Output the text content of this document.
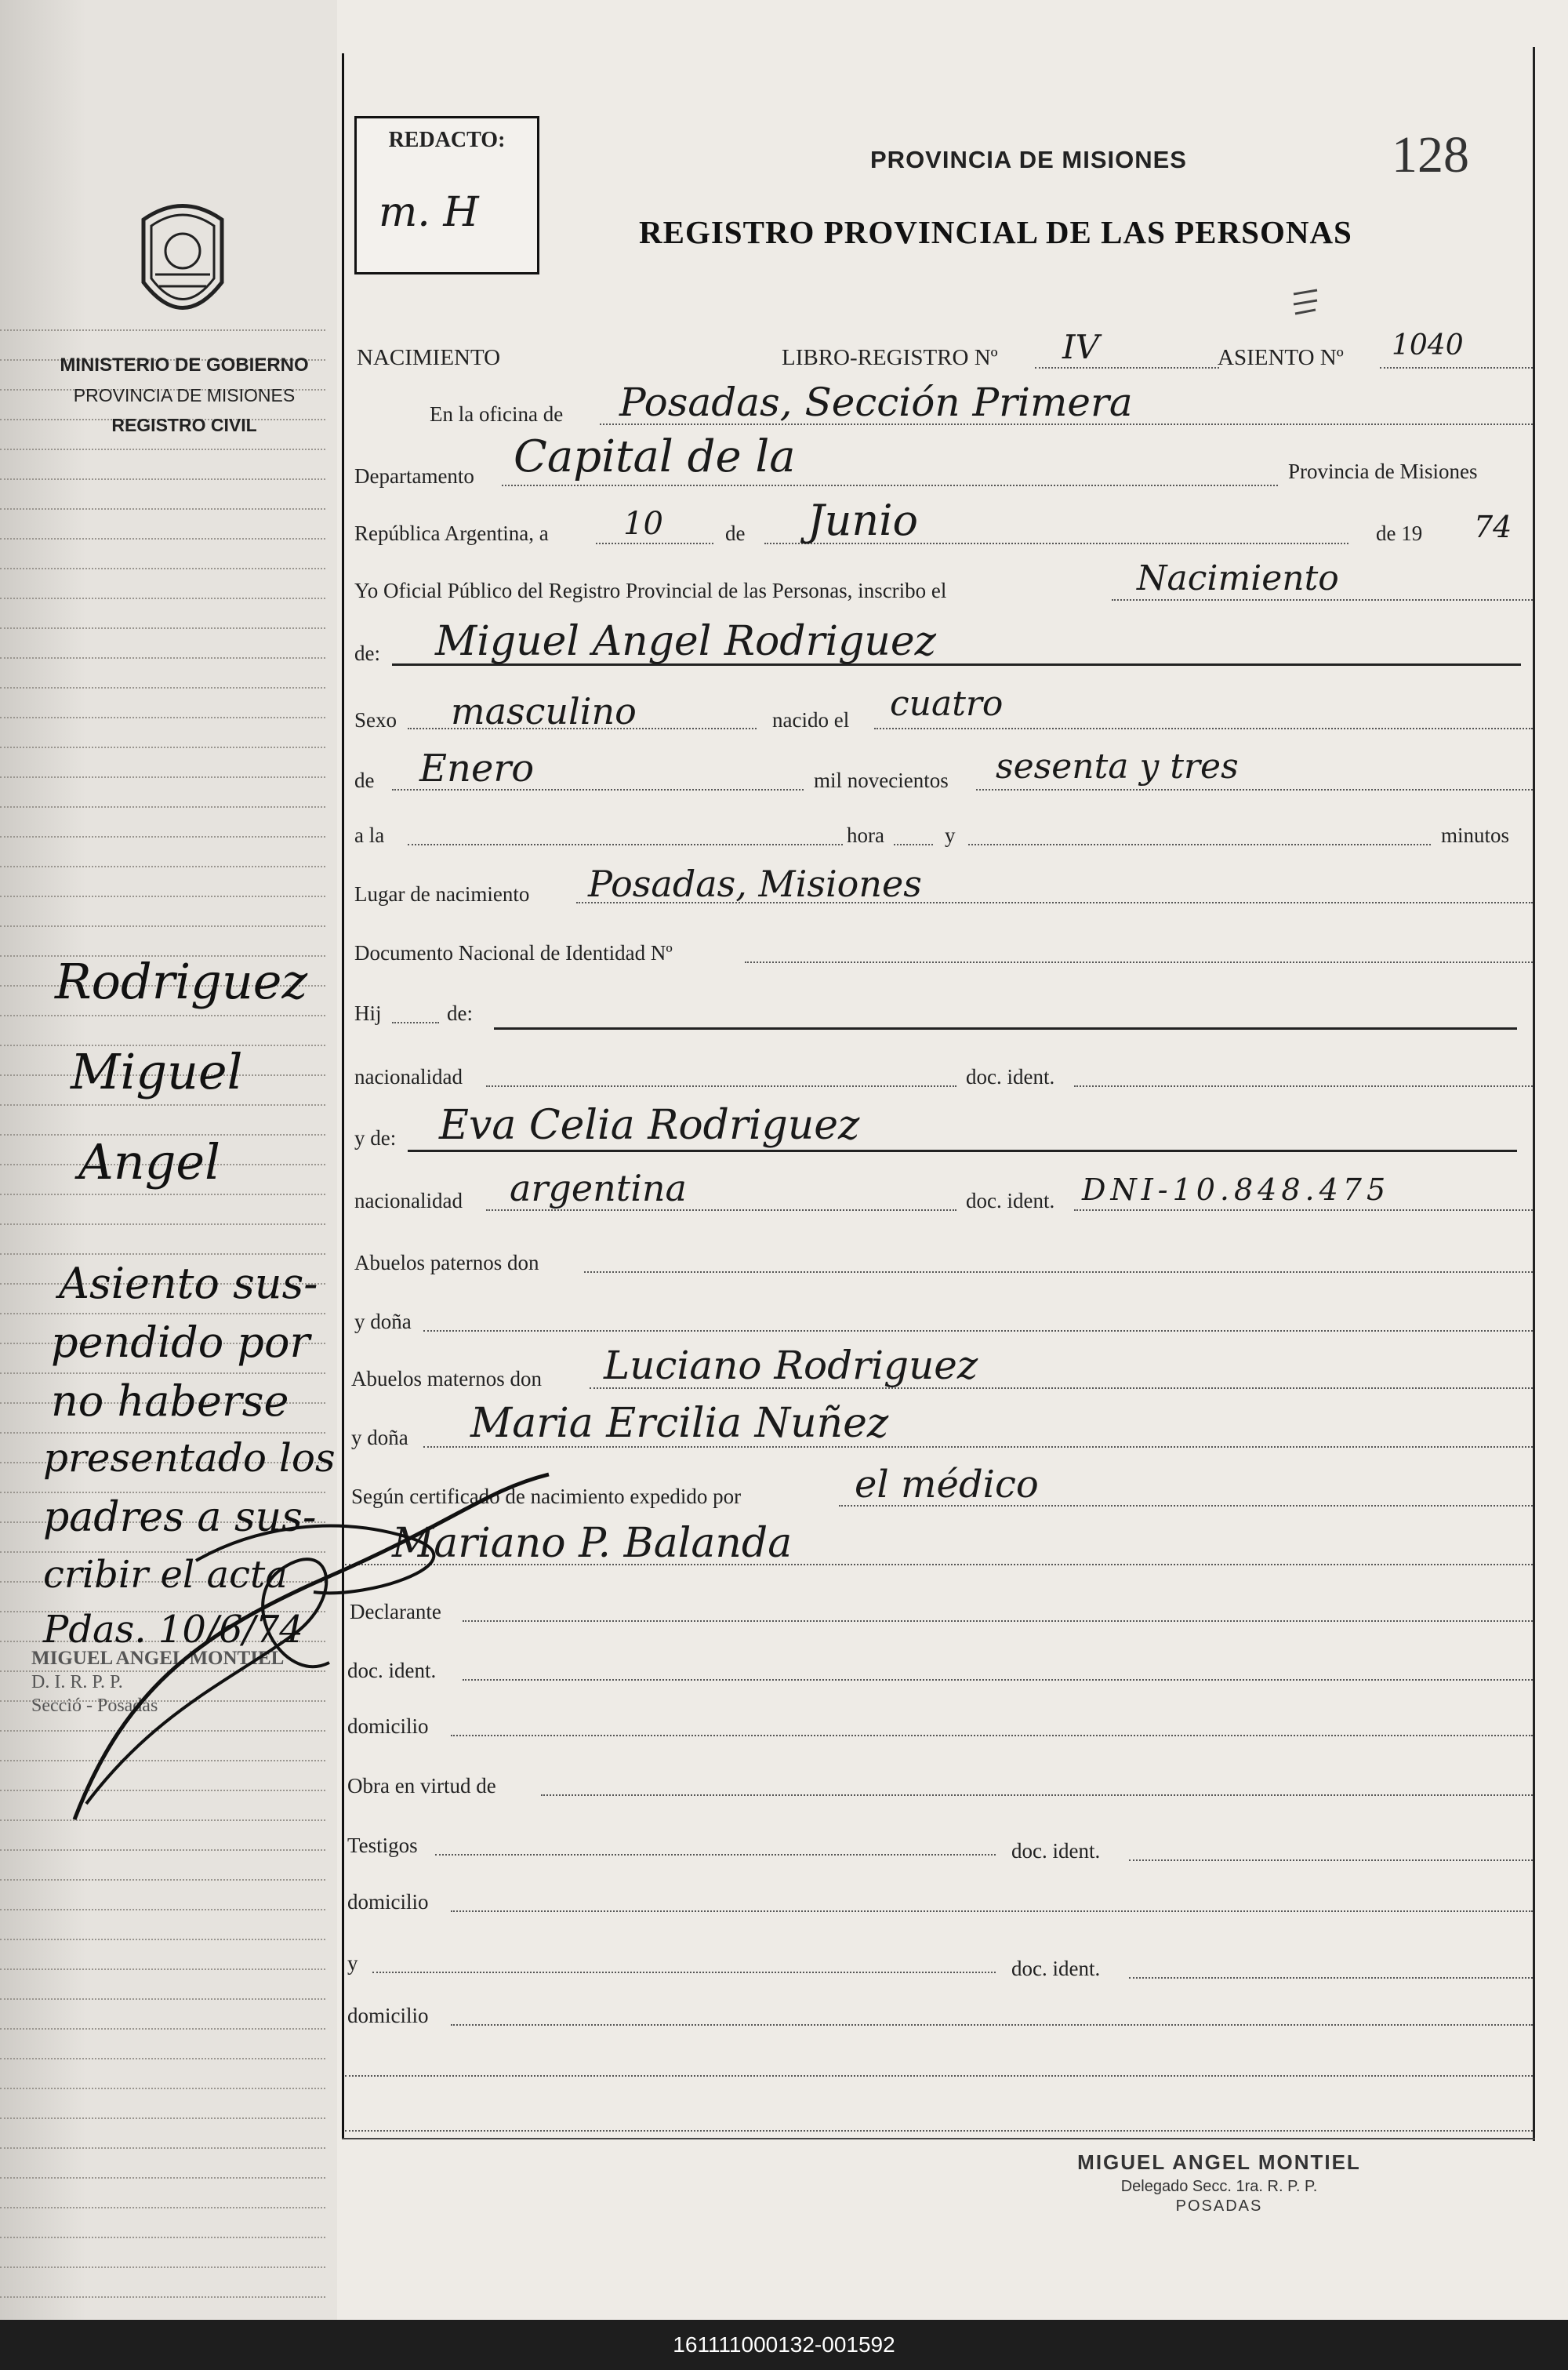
MINISTERIO DE GOBIERNO
PROVINCIA DE MISIONES
REGISTRO CIVIL
REDACTO:
m. H
PROVINCIA DE MISIONES
REGISTRO PROVINCIAL DE LAS PERSONAS
128
NACIMIENTO	LIBRO-REGISTRO Nº IV	ASIENTO Nº 1040
En la oficina de Posadas, Sección Primera
Departamento Capital de la	Provincia de Misiones
República Argentina, a 10	de Junio	de 19 74
Yo Oficial Público del Registro Provincial de las Personas, inscribo el	Nacimiento
de: Miguel Angel Rodriguez
Sexo masculino	nacido el cuatro
de Enero	mil novecientos sesenta y tres
a la	hora	y	minutos
Lugar de nacimiento Posadas, Misiones
Documento Nacional de Identidad Nº
Hij	de:
nacionalidad	doc. ident.
y de: Eva Celia Rodriguez
nacionalidad argentina	doc. ident. DNI-10.848.475
Abuelos paternos don
y doña
Abuelos maternos don Luciano Rodriguez
y doña Maria Ercilia Nuñez
Según certificado de nacimiento expedido por	el médico
Mariano P. Balanda
Declarante
doc. ident.
domicilio
Obra en virtud de
Testigos	doc. ident.
domicilio
y	doc. ident.
domicilio
MIGUEL ANGEL MONTIEL
Delegado Secc. 1ra. R. P. P.
POSADAS
Rodriguez
Miguel
Angel
Asiento sus-
pendido por
no haberse
presentado los
padres a sus-
cribir el acta
Pdas. 10/6/74
MIGUEL ANGEL MONTIEL
D. I. R. P. P.
Secció - Posadas
161111000132-001592
